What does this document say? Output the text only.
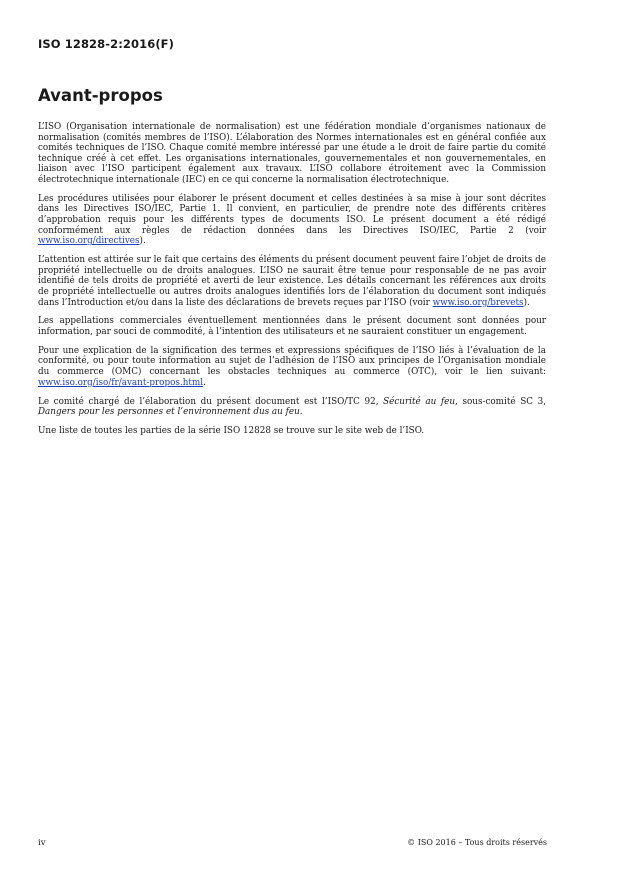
ISO 12828-2:2016(F)
Avant-propos

L’ISO (Organisation internationale de normalisation) est une fédération mondiale d’organismes nationaux de normalisation (comités membres de l’ISO). L’élaboration des Normes internationales est en général confiée aux comités techniques de l’ISO. Chaque comité membre intéressé par une étude a le droit de faire partie du comité technique créé à cet effet. Les organisations internationales, gouvernementales et non gouvernementales, en liaison avec l’ISO participent également aux travaux. L’ISO collabore étroitement avec la Commission électrotechnique internationale (IEC) en ce qui concerne la normalisation électrotechnique.

Les procédures utilisées pour élaborer le présent document et celles destinées à sa mise à jour sont décrites dans les Directives ISO/IEC, Partie 1. Il convient, en particulier, de prendre note des différents critères d’approbation requis pour les différents types de documents ISO. Le présent document a été rédigé conformément aux règles de rédaction données dans les Directives ISO/IEC, Partie 2 (voir www.iso.org/directives).

L’attention est attirée sur le fait que certains des éléments du présent document peuvent faire l’objet de droits de propriété intellectuelle ou de droits analogues. L’ISO ne saurait être tenue pour responsable de ne pas avoir identifié de tels droits de propriété et averti de leur existence. Les détails concernant les références aux droits de propriété intellectuelle ou autres droits analogues identifiés lors de l’élaboration du document sont indiqués dans l’Introduction et/ou dans la liste des déclarations de brevets reçues par l’ISO (voir www.iso.org/brevets).

Les appellations commerciales éventuellement mentionnées dans le présent document sont données pour information, par souci de commodité, à l’intention des utilisateurs et ne sauraient constituer un engagement.

Pour une explication de la signification des termes et expressions spécifiques de l’ISO liés à l’évaluation de la conformité, ou pour toute information au sujet de l’adhésion de l’ISO aux principes de l’Organisation mondiale du commerce (OMC) concernant les obstacles techniques au commerce (OTC), voir le lien suivant: www.iso.org/iso/fr/avant-propos.html.

Le comité chargé de l’élaboration du présent document est l’ISO/TC 92, Sécurité au feu, sous-comité SC 3, Dangers pour les personnes et l’environnement dus au feu.

Une liste de toutes les parties de la série ISO 12828 se trouve sur le site web de l’ISO.

iv	© ISO 2016 – Tous droits réservés
